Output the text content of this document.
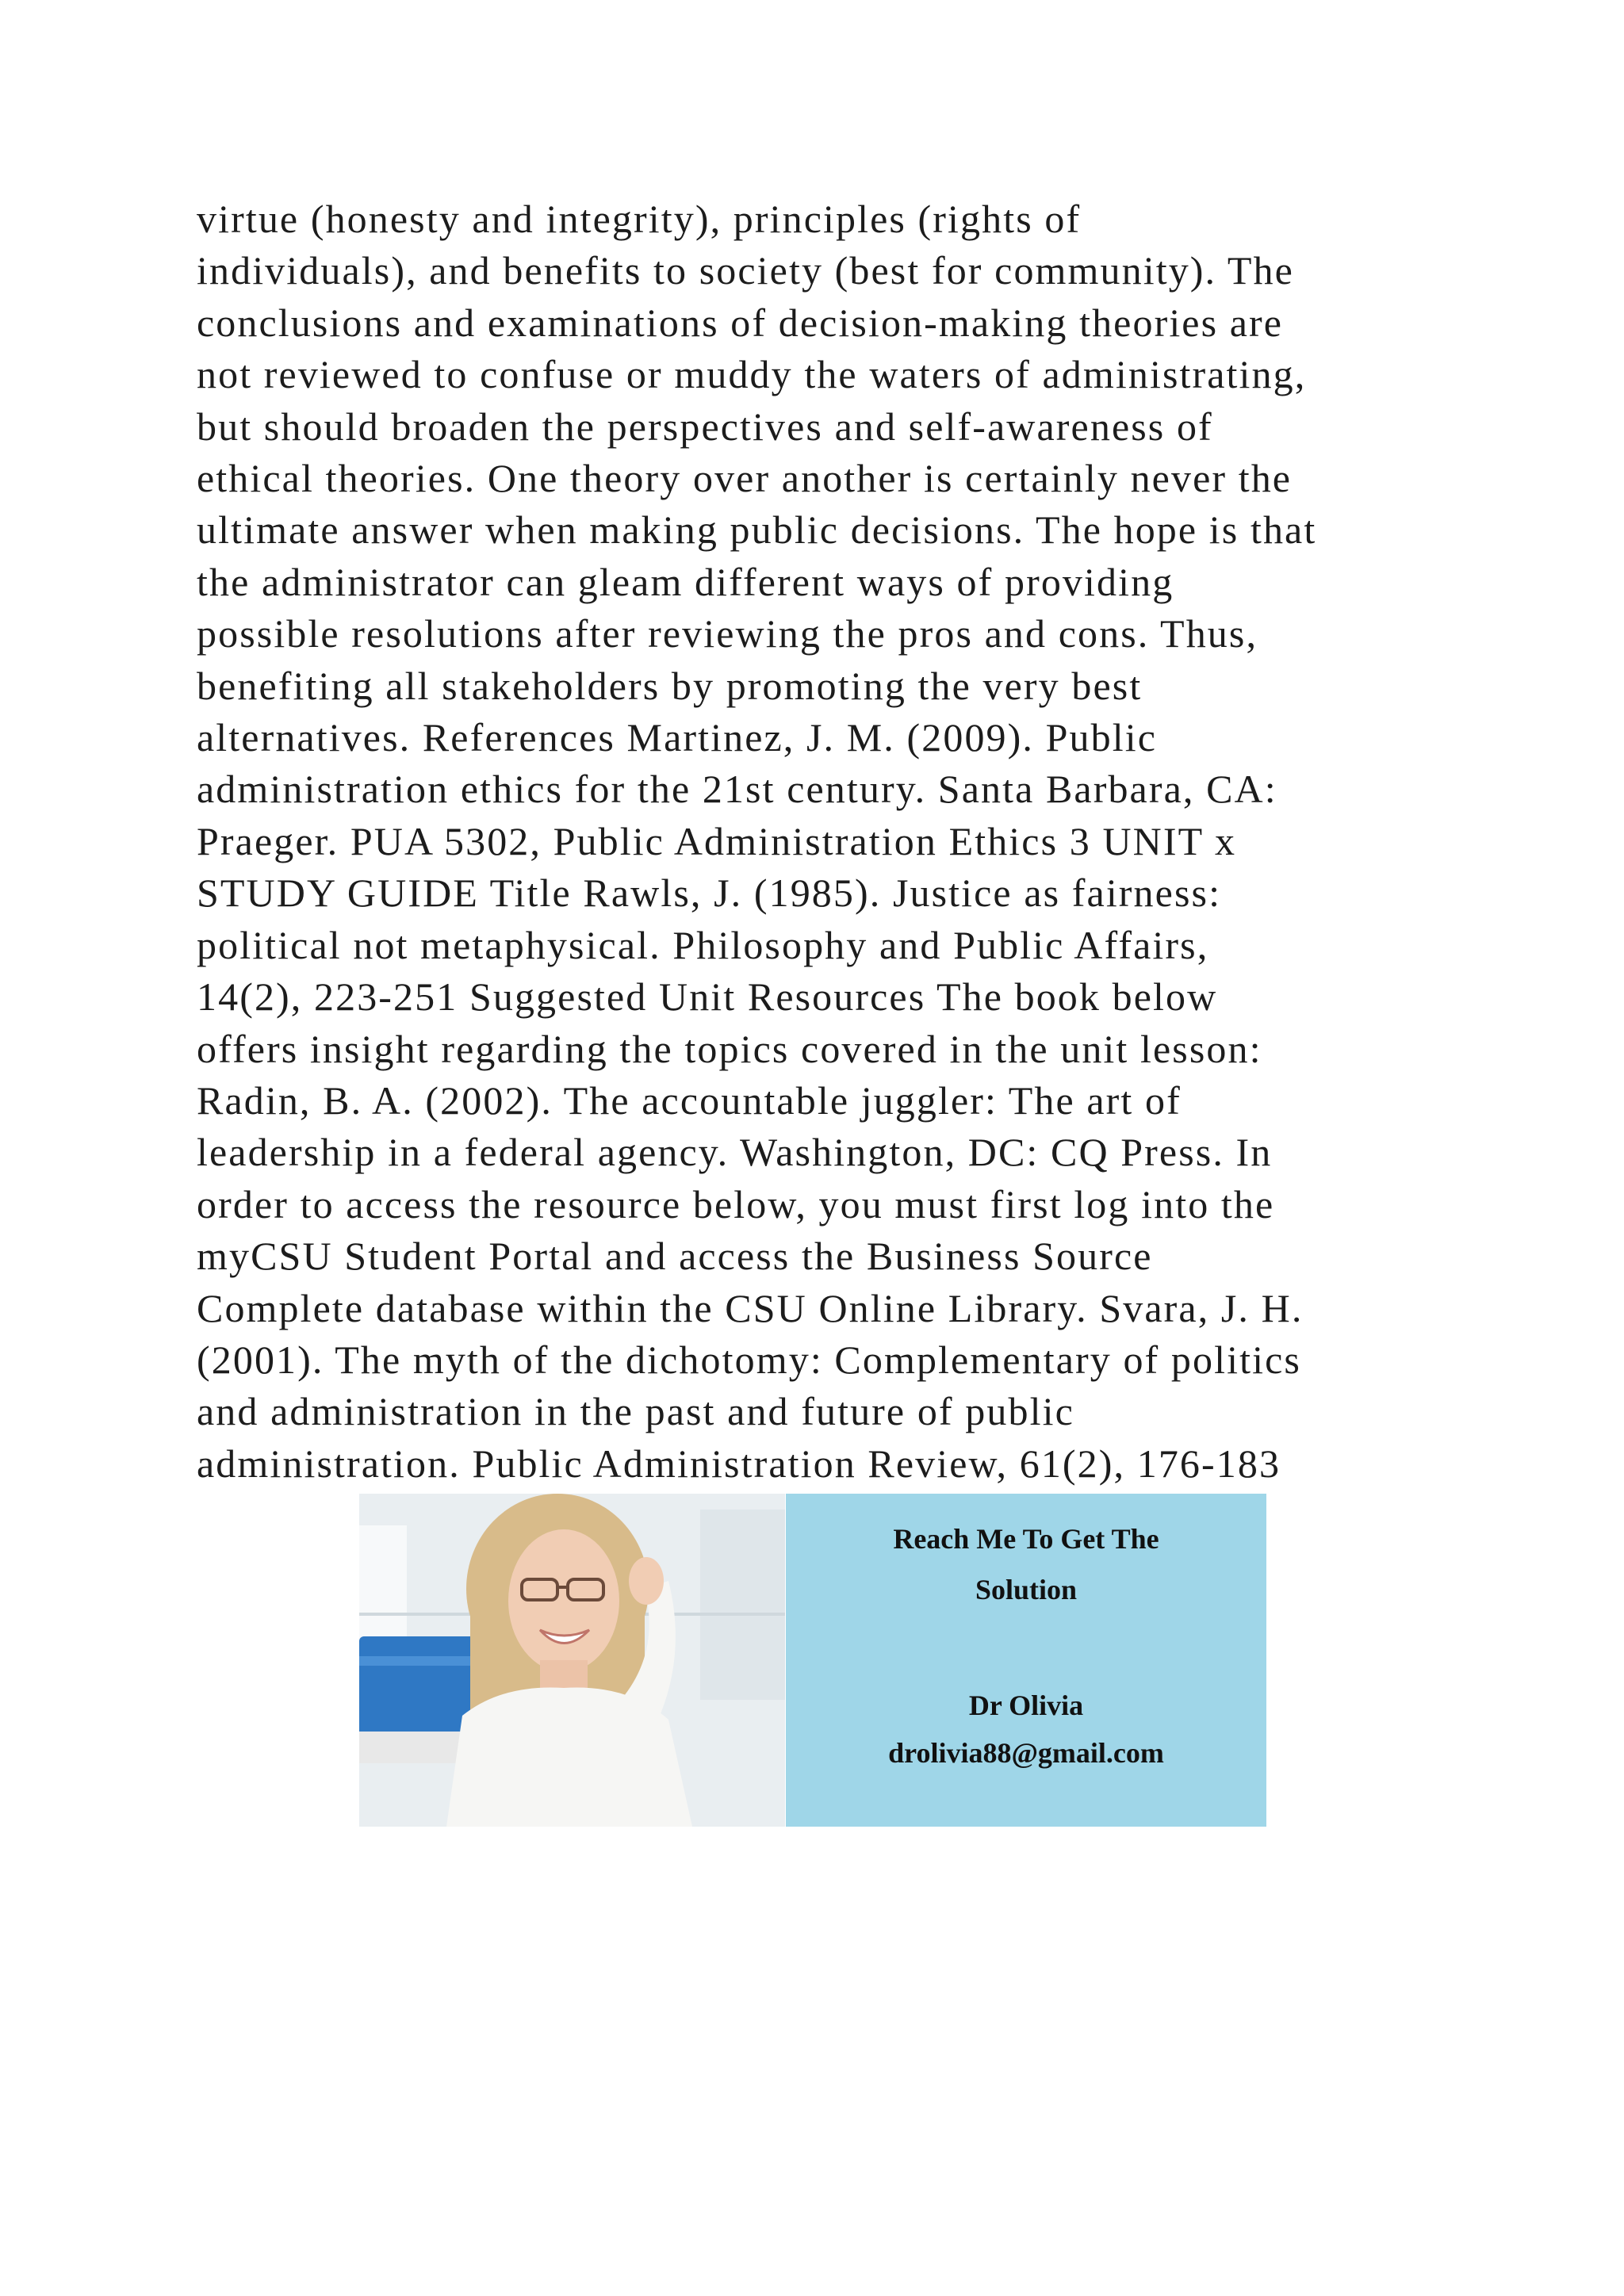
virtue (honesty and integrity), principles (rights of
individuals), and benefits to society (best for community). The
conclusions and examinations of decision-making theories are
not reviewed to confuse or muddy the waters of administrating,
but should broaden the perspectives and self-awareness of
ethical theories. One theory over another is certainly never the
ultimate answer when making public decisions. The hope is that
the administrator can gleam different ways of providing
possible resolutions after reviewing the pros and cons. Thus,
benefiting all stakeholders by promoting the very best
alternatives. References Martinez, J. M. (2009). Public
administration ethics for the 21st century. Santa Barbara, CA:
Praeger. PUA 5302, Public Administration Ethics 3 UNIT x
STUDY GUIDE Title Rawls, J. (1985). Justice as fairness:
political not metaphysical. Philosophy and Public Affairs,
14(2), 223-251 Suggested Unit Resources The book below
offers insight regarding the topics covered in the unit lesson:
Radin, B. A. (2002). The accountable juggler: The art of
leadership in a federal agency. Washington, DC: CQ Press. In
order to access the resource below, you must first log into the
myCSU Student Portal and access the Business Source
Complete database within the CSU Online Library. Svara, J. H.
(2001). The myth of the dichotomy: Complementary of politics
and administration in the past and future of public
administration. Public Administration Review, 61(2), 176-183
Reach Me To Get The
Solution
Dr Olivia
drolivia88@gmail.com
